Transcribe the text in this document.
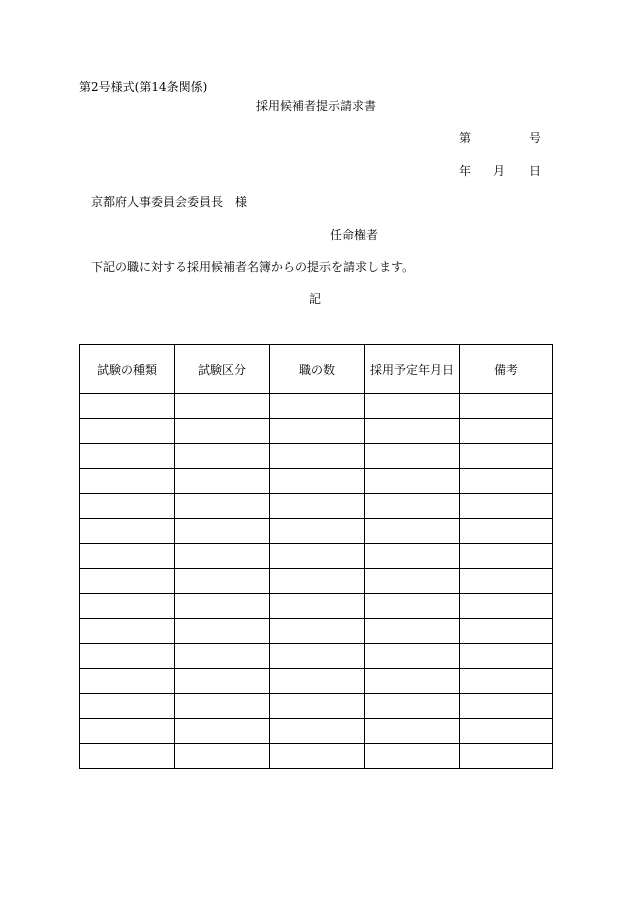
第2号様式(第14条関係)
採用候補者提示請求書
第	号
年 月 日
京都府人事委員会委員長　様
任命権者
下記の職に対する採用候補者名簿からの提示を請求します。
記
試験の種類	試験区分	職の数	採用予定年月日	備考
